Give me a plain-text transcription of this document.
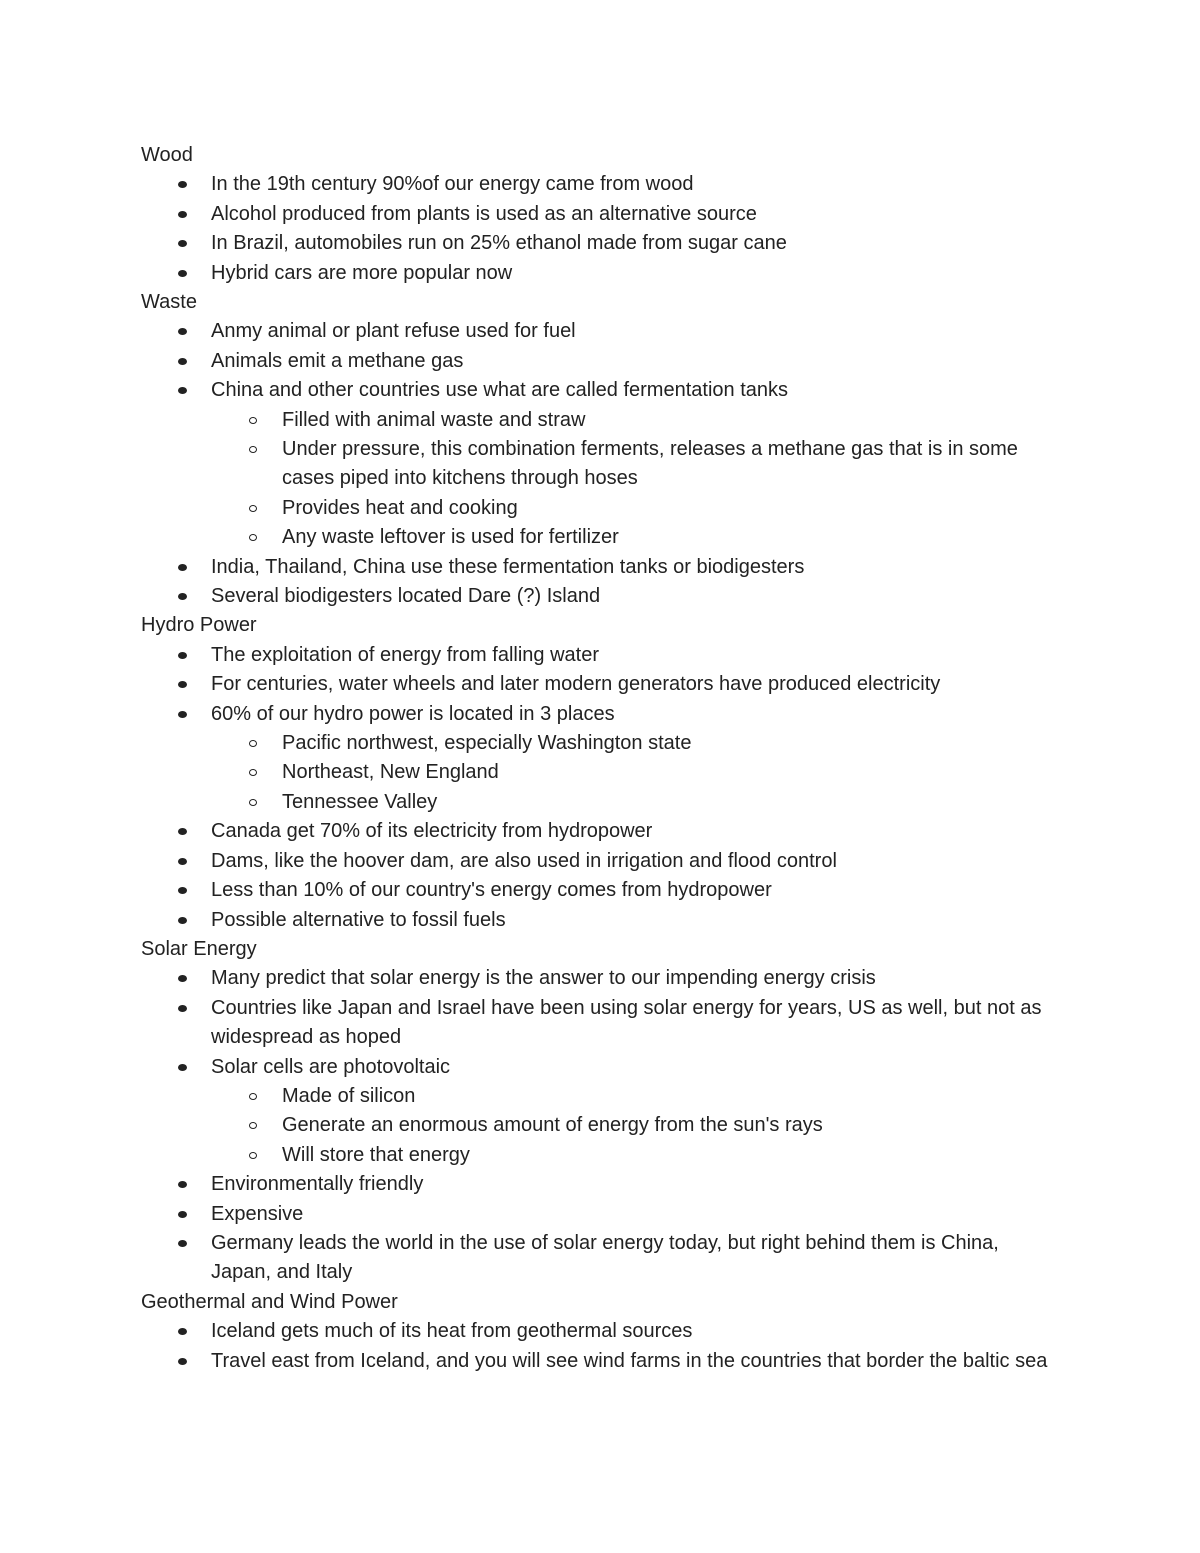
Wood
In the 19th century 90%of our energy came from wood
Alcohol produced from plants is used as an alternative source
In Brazil, automobiles run on 25% ethanol made from sugar cane
Hybrid cars are more popular now
Waste
Anmy animal or plant refuse used for fuel
Animals emit a methane gas
China and other countries use what are called fermentation tanks
Filled with animal waste and straw
Under pressure, this combination ferments, releases a methane gas that is in some cases piped into kitchens through hoses
Provides heat and cooking
Any waste leftover is used for fertilizer
India, Thailand, China use these fermentation tanks or biodigesters
Several biodigesters located Dare (?) Island
Hydro Power
The exploitation of energy from falling water
For centuries, water wheels and later modern generators have produced electricity
60% of our hydro power is located in 3 places
Pacific northwest, especially Washington state
Northeast, New England
Tennessee Valley
Canada get 70% of its electricity from hydropower
Dams, like the hoover dam, are also used in irrigation and flood control
Less than 10% of our country's energy comes from hydropower
Possible alternative to fossil fuels
Solar Energy
Many predict that solar energy is the answer to our impending energy crisis
Countries like Japan and Israel have been using solar energy for years, US as well, but not as widespread as hoped
Solar cells are photovoltaic
Made of silicon
Generate an enormous amount of energy from the sun's rays
Will store that energy
Environmentally friendly
Expensive
Germany leads the world in the use of solar energy today, but right behind them is China, Japan, and Italy
Geothermal and Wind Power
Iceland gets much of its heat from geothermal sources
Travel east from Iceland, and you will see wind farms in the countries that border the baltic sea
